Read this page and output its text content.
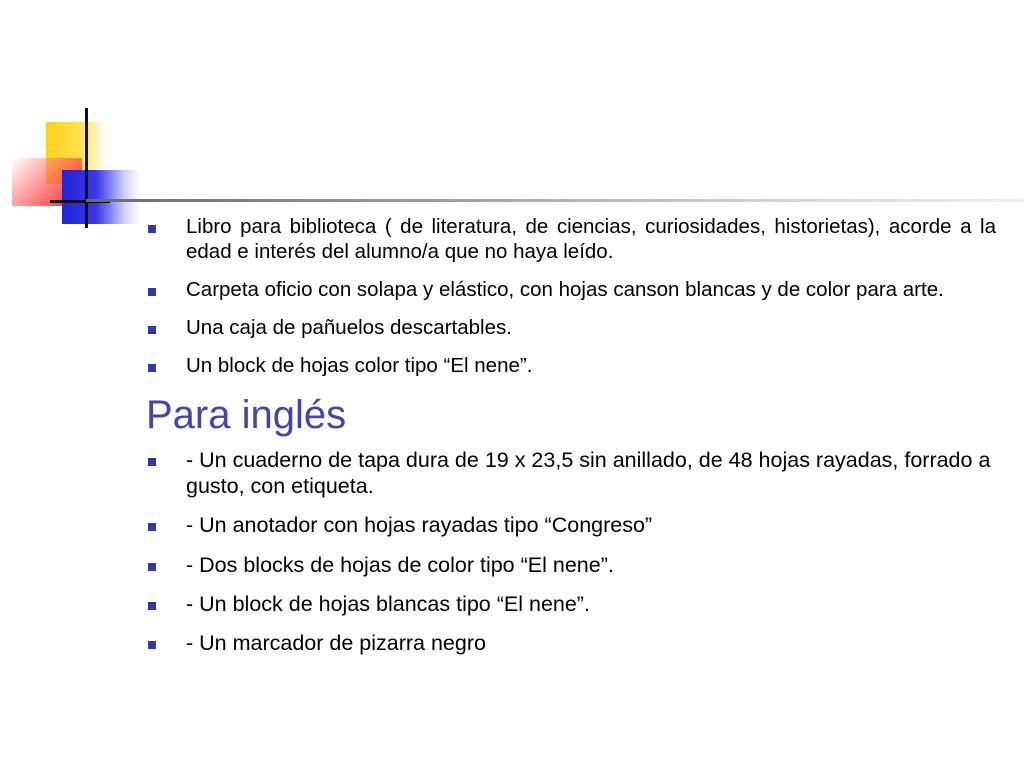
Libro para biblioteca ( de literatura, de ciencias, curiosidades, historietas), acorde a la edad e interés del alumno/a que no haya leído.
Carpeta oficio con solapa y elástico, con hojas canson blancas y de color para arte.
Una caja de pañuelos descartables.
Un block de hojas color tipo “El nene”.
Para inglés
- Un cuaderno de tapa dura de 19 x 23,5 sin anillado, de 48 hojas rayadas, forrado a gusto, con etiqueta.
- Un anotador con hojas rayadas tipo “Congreso”
- Dos blocks de hojas de color tipo “El nene”.
- Un block de hojas blancas tipo “El nene”.
- Un marcador de pizarra negro
